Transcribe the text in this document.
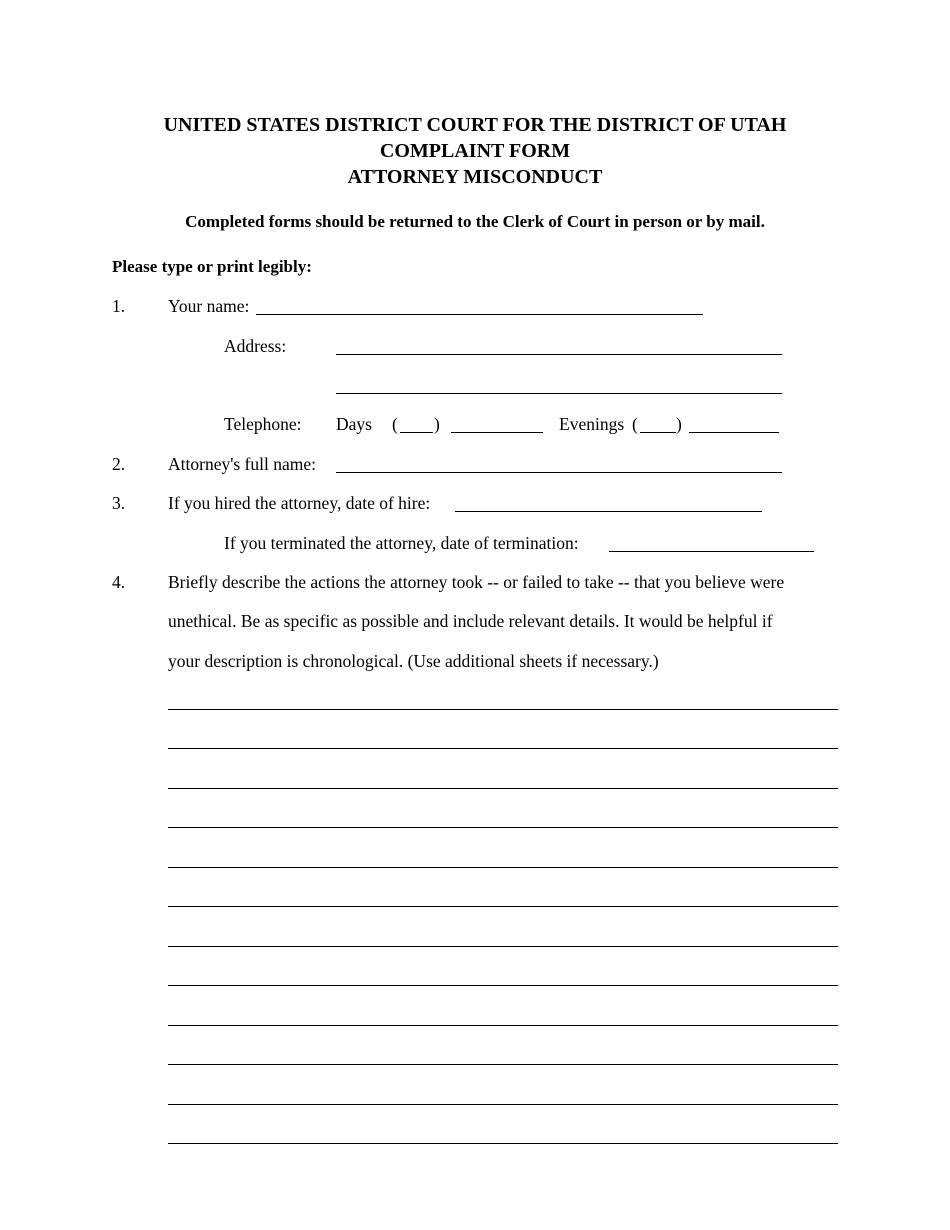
UNITED STATES DISTRICT COURT FOR THE DISTRICT OF UTAH
COMPLAINT FORM
ATTORNEY MISCONDUCT
Completed forms should be returned to the Clerk of Court in person or by mail.
Please type or print legibly:
1. Your name:
Address:
Telephone: Days ( )	Evenings ( )
2. Attorney's full name:
3. If you hired the attorney, date of hire:
If you terminated the attorney, date of termination:
4. Briefly describe the actions the attorney took -- or failed to take -- that you believe were
unethical. Be as specific as possible and include relevant details. It would be helpful if
your description is chronological. (Use additional sheets if necessary.)
